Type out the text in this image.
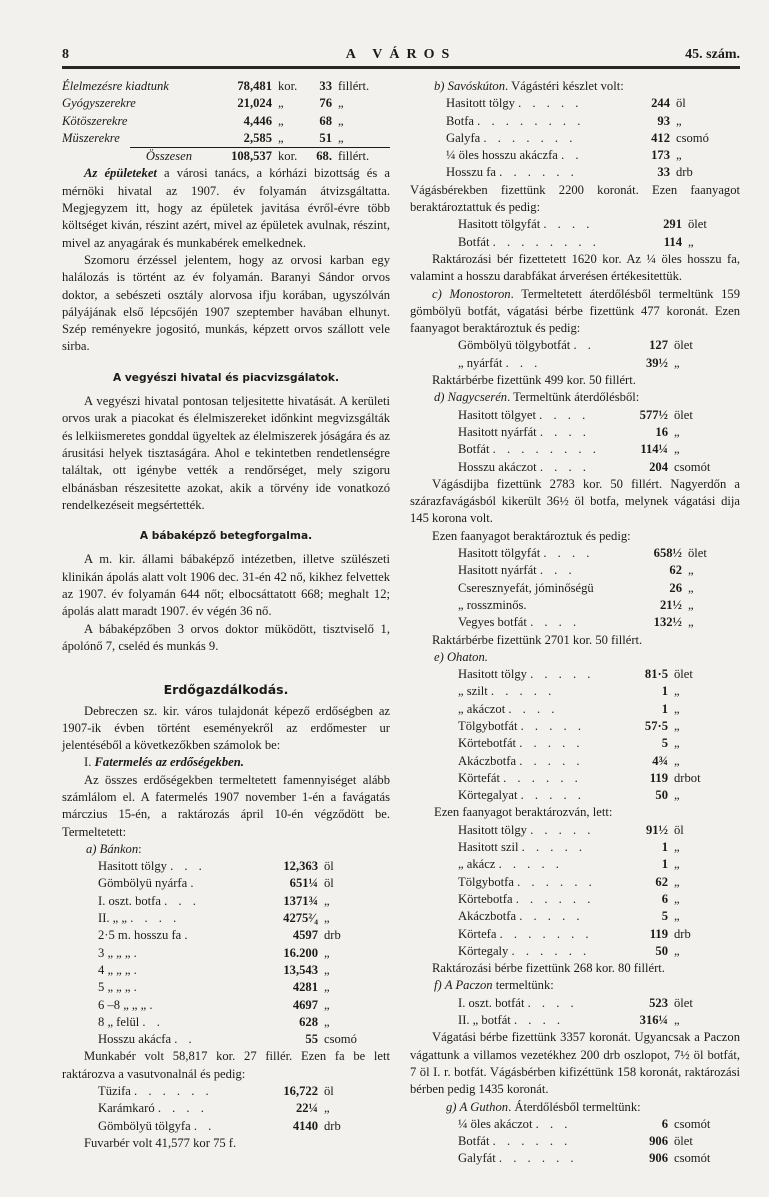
8	A VÁROS	45. szám.
Élelmezésre kiadtunk	78,481 kor.	33 fillért.
Gyógyszerekre	21,024 „	76 „
Kötöszerekre	4,446 „	68 „
Müszerekre	2,585 „	51 „
Összesen	108,537 kor.	68. fillért.

Az épületeket a városi tanács, a kórházi bizottság és a mérnöki hivatal az 1907. év folyamán átvizsgáltatta. Megjegyzem itt, hogy az épületek javitása évről-évre több költséget kiván, részint azért, mivel az épületek avulnak, részint, mivel az anyagárak és munkabérek emelkednek.

Szomoru érzéssel jelentem, hogy az orvosi karban egy halálozás is történt az év folyamán. Baranyi Sándor orvos doktor, a sebészeti osztály alorvosa ifju korában, ugyszólván pályájának első lépcsőjén 1907 szeptember havában elhunyt. Szép reményekre jogositó, munkás, képzett orvos szállott vele sirba.

A vegyészi hivatal és piacvizsgálatok.

A vegyészi hivatal pontosan teljesitette hivatását. A kerületi orvos urak a piacokat és élelmiszereket időnkint megvizsgálták és lelkiismeretes gonddal ügyeltek az élelmiszerek jóságára és az árusitási helyek tisztaságára. Ahol e tekintetben rendetlenségre találtak, ott igénybe vették a rendőrséget, mely szigoru elbánásban részesitette azokat, akik a törvény ide vonatkozó rendelkezéseit megsértették.

A bábaképző betegforgalma.

A m. kir. állami bábaképző intézetben, illetve szülészeti klinikán ápolás alatt volt 1906 dec. 31-én 42 nő, kikhez felvettek az 1907. év folyamán 644 nőt; elbocsáttatott 668; meghalt 12; ápolás alatt maradt 1907. év végén 36 nő.

A bábaképzőben 3 orvos doktor müködött, tisztviselő 1, ápolónő 7, cseléd és munkás 9.

Erdőgazdálkodás.

Debreczen sz. kir. város tulajdonát képező erdőségben az 1907-ik évben történt eseményekről az erdőmester ur jelentéséből a következőkben számolok be:

I. Fatermelés az erdőségekben.

Az összes erdőségekben termeltetett famennyiséget alább számlálom el. A fatermelés 1907 november 1-én a favágatás márczius 15-én, a raktározás ápril 10-én végződött be. Termeltetett:

a) Bánkon:

Hasitott tölgy . . .	12,363 öl
Gömbölyü nyárfa .	651¼ öl
I. oszt. botfa . . .	1371¾ „
II. „ „ . . . .	4275²⁄₄ „
2·5 m. hosszu fa .	4597 drb
3 „ „ „ .	16.200 „
4 „ „ „ .	13,543 „
5 „ „ „ .	4281 „
6 –8 „ „ „ .	4697 „
8 „ felül . .	628 „
Hosszu akácfa . .	55 csomó

Munkabér volt 58,817 kor. 27 fillér. Ezen fa be lett raktározva a vasutvonalnál és pedig:

Tüzifa . . . . . .	16,722 öl
Karámkaró . . . .	22¼ „
Gömbölyü tölgyfa . .	4140 drb

Fuvarbér volt 41,577 kor 75 f.

b) Savóskúton. Vágástéri készlet volt:

Hasitott tölgy . . . . .	244 öl
Botfa . . . . . . . .	93 „
Galyfa . . . . . . .	412 csomó
¼ öles hosszu akáczfa . .	173 „
Hosszu fa . . . . . .	33 drb

Vágásbérekben fizettünk 2200 koronát. Ezen faanyagot beraktároztattuk és pedig:

Hasitott tölgyfát . . . .	291 ölet
Botfát . . . . . . . .	114 „

Raktározási bér fizettetett 1620 kor. Az ¼ öles hosszu fa, valamint a hosszu darabfákat árverésen értékesitettük.

c) Monostoron. Termeltetett áterdőlésből termeltünk 159 gömbölyü botfát, vágatási bérbe fizettünk 477 koronát. Ezen faanyagot beraktároztuk és pedig:

Gömbölyü tölgybotfát . .	127 ölet
„ nyárfát . . .	39½ „

Raktárbérbe fizettünk 499 kor. 50 fillért.

d) Nagycserén. Termeltünk áterdőlésből:

Hasitott tölgyet . . . .	577½ ölet
Hasitott nyárfát . . . .	16 „
Botfát . . . . . . . .	114¼ „
Hosszu akáczot . . . .	204 csomót

Vágásdijba fizettünk 2783 kor. 50 fillért. Nagyerdőn a szárazfavágásból kikerült 36½ öl botfa, melynek vágatási dija 145 korona volt.

Ezen faanyagot beraktároztuk és pedig:

Hasitott tölgyfát . . . .	658½ ölet
Hasitott nyárfát . . .	62 „
Cseresznyefát, jóminőségü	26 „
„ rosszminős.	21½ „
Vegyes botfát . . . .	132½ „

Raktárbérbe fizettünk 2701 kor. 50 fillért.

e) Ohaton.

Hasitott tölgy . . . . .	81·5 ölet
„ szilt . . . . .	1 „
„ akáczot . . . .	1 „
Tölgybotfát . . . . .	57·5 „
Körtebotfát . . . . .	5 „
Akáczbotfa . . . . .	4¾ „
Körtefát . . . . . .	119 drbot
Körtegalyat . . . . .	50 „

Ezen faanyagot beraktározván, lett:

Hasitott tölgy . . . . .	91½ öl
Hasitott szil . . . . .	1 „
„ akácz . . . . .	1 „
Tölgybotfa . . . . . .	62 „
Körtebotfa . . . . . .	6 „
Akáczbotfa . . . . .	5 „
Körtefa . . . . . . .	119 drb
Körtegaly . . . . . .	50 „

Raktározási bérbe fizettünk 268 kor. 80 fillért.

f) A Paczon termeltünk:

I. oszt. botfát . . . .	523 ölet
II. „ botfát . . . .	316¼ „

Vágatási bérbe fizettünk 3357 koronát. Ugyancsak a Paczon vágattunk a villamos vezetékhez 200 drb oszlopot, 7½ öl botfát, 7 öl I. r. botfát. Vágásbérben kifizéttünk 158 koronát, raktározási bérben pedig 1435 koronát.

g) A Guthon. Áterdőlésből termeltünk:

¼ öles akáczot . . .	6 csomót
Botfát . . . . . .	906 ölet
Galyfát . . . . . .	906 csomót
